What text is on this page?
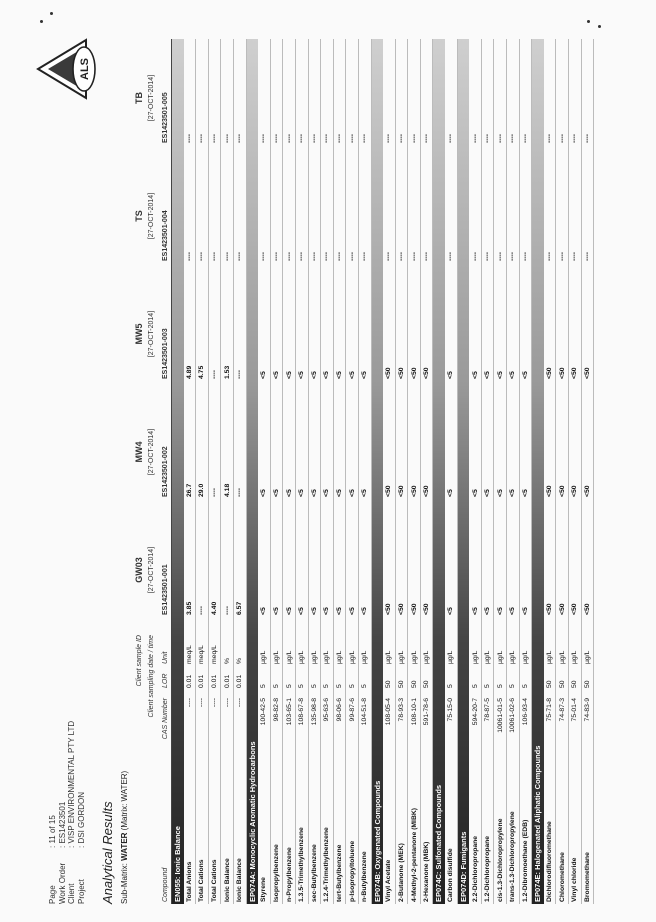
Page
: 11 of 15
Work Order
: ES1423501
Client
: VISP ENVIRONMENTAL PTY LTD
Project
: DSI GORDON
ALS
Analytical Results Sub-Matrix: WATER (Matrix: WATER)
Client sample ID
GW03
MW4
MW5
TS
TB
Client sampling date / time
[27-OCT-2014]
[27-OCT-2014]
[27-OCT-2014]
[27-OCT-2014]
[27-OCT-2014]
Compound
CAS Number
LOR
Unit
ES1423501-001
ES1423501-002
ES1423501-003
ES1423501-004
ES1423501-005
EN055: Ionic Balance Total Anions
----
0.01
meq/L
3.85
26.7
4.89
----
----
Total Cations
----
0.01
meq/L
----
29.0
4.75
----
----
Total Cations
----
0.01
meq/L
4.40
----
----
----
----
Ionic Balance
----
0.01
%
----
4.18
1.53
----
----
Ionic Balance
----
0.01
%
6.57
----
----
----
----
EP074A: Monocyclic Aromatic Hydrocarbons Styrene
100-42-5
5
µg/L
<5
<5
<5
----
----
Isopropylbenzene
98-82-8
5
µg/L
<5
<5
<5
----
----
n-Propylbenzene
103-65-1
5
µg/L
<5
<5
<5
----
----
1.3.5-Trimethylbenzene
108-67-8
5
µg/L
<5
<5
<5
----
----
sec-Butylbenzene
135-98-8
5
µg/L
<5
<5
<5
----
----
1.2.4-Trimethylbenzene
95-63-6
5
µg/L
<5
<5
<5
----
----
tert-Butylbenzene
98-06-6
5
µg/L
<5
<5
<5
----
----
p-Isopropyltoluene
99-87-6
5
µg/L
<5
<5
<5
----
----
n-Butylbenzene
104-51-8
5
µg/L
<5
<5
<5
----
----
EP074B: Oxygenated Compounds Vinyl Acetate
108-05-4
50
µg/L
<50
<50
<50
----
----
2-Butanone (MEK)
78-93-3
50
µg/L
<50
<50
<50
----
----
4-Methyl-2-pentanone (MIBK)
108-10-1
50
µg/L
<50
<50
<50
----
----
2-Hexanone (MBK)
591-78-6
50
µg/L
<50
<50
<50
----
----
EP074C: Sulfonated Compounds Carbon disulfide
75-15-0
5
µg/L
<5
<5
<5
----
----
EP074D: Fumigants 2.2-Dichloropropane
594-20-7
5
µg/L
<5
<5
<5
----
----
1.2-Dichloropropane
78-87-5
5
µg/L
<5
<5
<5
----
----
cis-1.3-Dichloropropylene
10061-01-5
5
µg/L
<5
<5
<5
----
----
trans-1.3-Dichloropropylene
10061-02-6
5
µg/L
<5
<5
<5
----
----
1.2-Dibromoethane (EDB)
106-93-4
5
µg/L
<5
<5
<5
----
----
EP074E: Halogenated Aliphatic Compounds Dichlorodifluoromethane
75-71-8
50
µg/L
<50
<50
<50
----
----
Chloromethane
74-87-3
50
µg/L
<50
<50
<50
----
----
Vinyl chloride
75-01-4
50
µg/L
<50
<50
<50
----
----
Bromomethane
74-83-9
50
µg/L
<50
<50
<50
----
----
